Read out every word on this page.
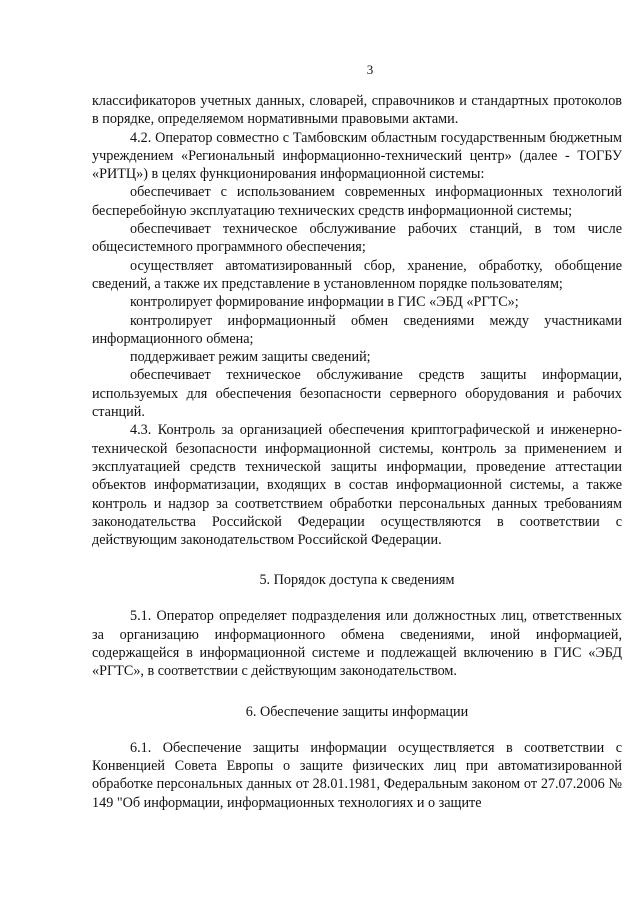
3

классификаторов учетных данных, словарей, справочников и стандартных протоколов в порядке, определяемом нормативными правовыми актами.

4.2. Оператор совместно с Тамбовским областным государственным бюджетным учреждением «Региональный информационно-технический центр» (далее - ТОГБУ «РИТЦ») в целях функционирования информационной системы:

обеспечивает с использованием современных информационных технологий бесперебойную эксплуатацию технических средств информационной системы;

обеспечивает техническое обслуживание рабочих станций, в том числе общесистемного программного обеспечения;

осуществляет автоматизированный сбор, хранение, обработку, обобщение сведений, а также их представление в установленном порядке пользователям;

контролирует формирование информации в ГИС «ЭБД «РГТС»;

контролирует информационный обмен сведениями между участниками информационного обмена;

поддерживает режим защиты сведений;

обеспечивает техническое обслуживание средств защиты информации, используемых для обеспечения безопасности серверного оборудования и рабочих станций.

4.3. Контроль за организацией обеспечения криптографической и инженерно-технической безопасности информационной системы, контроль за применением и эксплуатацией средств технической защиты информации, проведение аттестации объектов информатизации, входящих в состав информационной системы, а также контроль и надзор за соответствием обработки персональных данных требованиям законодательства Российской Федерации осуществляются в соответствии с действующим законодательством Российской Федерации.

5. Порядок доступа к сведениям

5.1. Оператор определяет подразделения или должностных лиц, ответственных за организацию информационного обмена сведениями, иной информацией, содержащейся в информационной системе и подлежащей включению в ГИС «ЭБД «РГТС», в соответствии с действующим законодательством.

6. Обеспечение защиты информации

6.1. Обеспечение защиты информации осуществляется в соответствии с Конвенцией Совета Европы о защите физических лиц при автоматизированной обработке персональных данных от 28.01.1981, Федеральным законом от 27.07.2006 № 149 "Об информации, информационных технологиях и о защите
